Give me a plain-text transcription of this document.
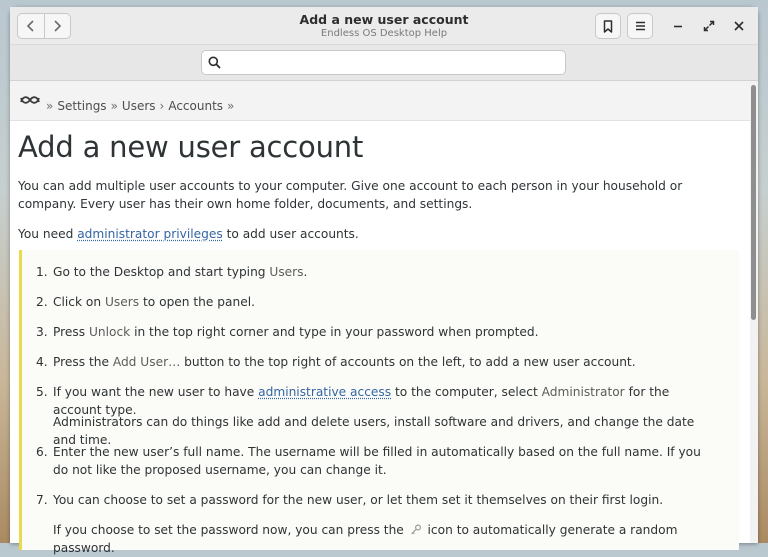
Add a new user account
Endless OS Desktop Help
» Settings » Users › Accounts »
Add a new user account

You can add multiple user accounts to your computer. Give one account to each person in your household or company. Every user has their own home folder, documents, and settings.

You need administrator privileges to add user accounts.

1. Go to the Desktop and start typing Users.
2. Click on Users to open the panel.
3. Press Unlock in the top right corner and type in your password when prompted.
4. Press the Add User… button to the top right of accounts on the left, to add a new user account.
5. If you want the new user to have administrative access to the computer, select Administrator for the account type.
Administrators can do things like add and delete users, install software and drivers, and change the date and time.
6. Enter the new user’s full name. The username will be filled in automatically based on the full name. If you do not like the proposed username, you can change it.
7. You can choose to set a password for the new user, or let them set it themselves on their first login.
If you choose to set the password now, you can press the  icon to automatically generate a random password.
